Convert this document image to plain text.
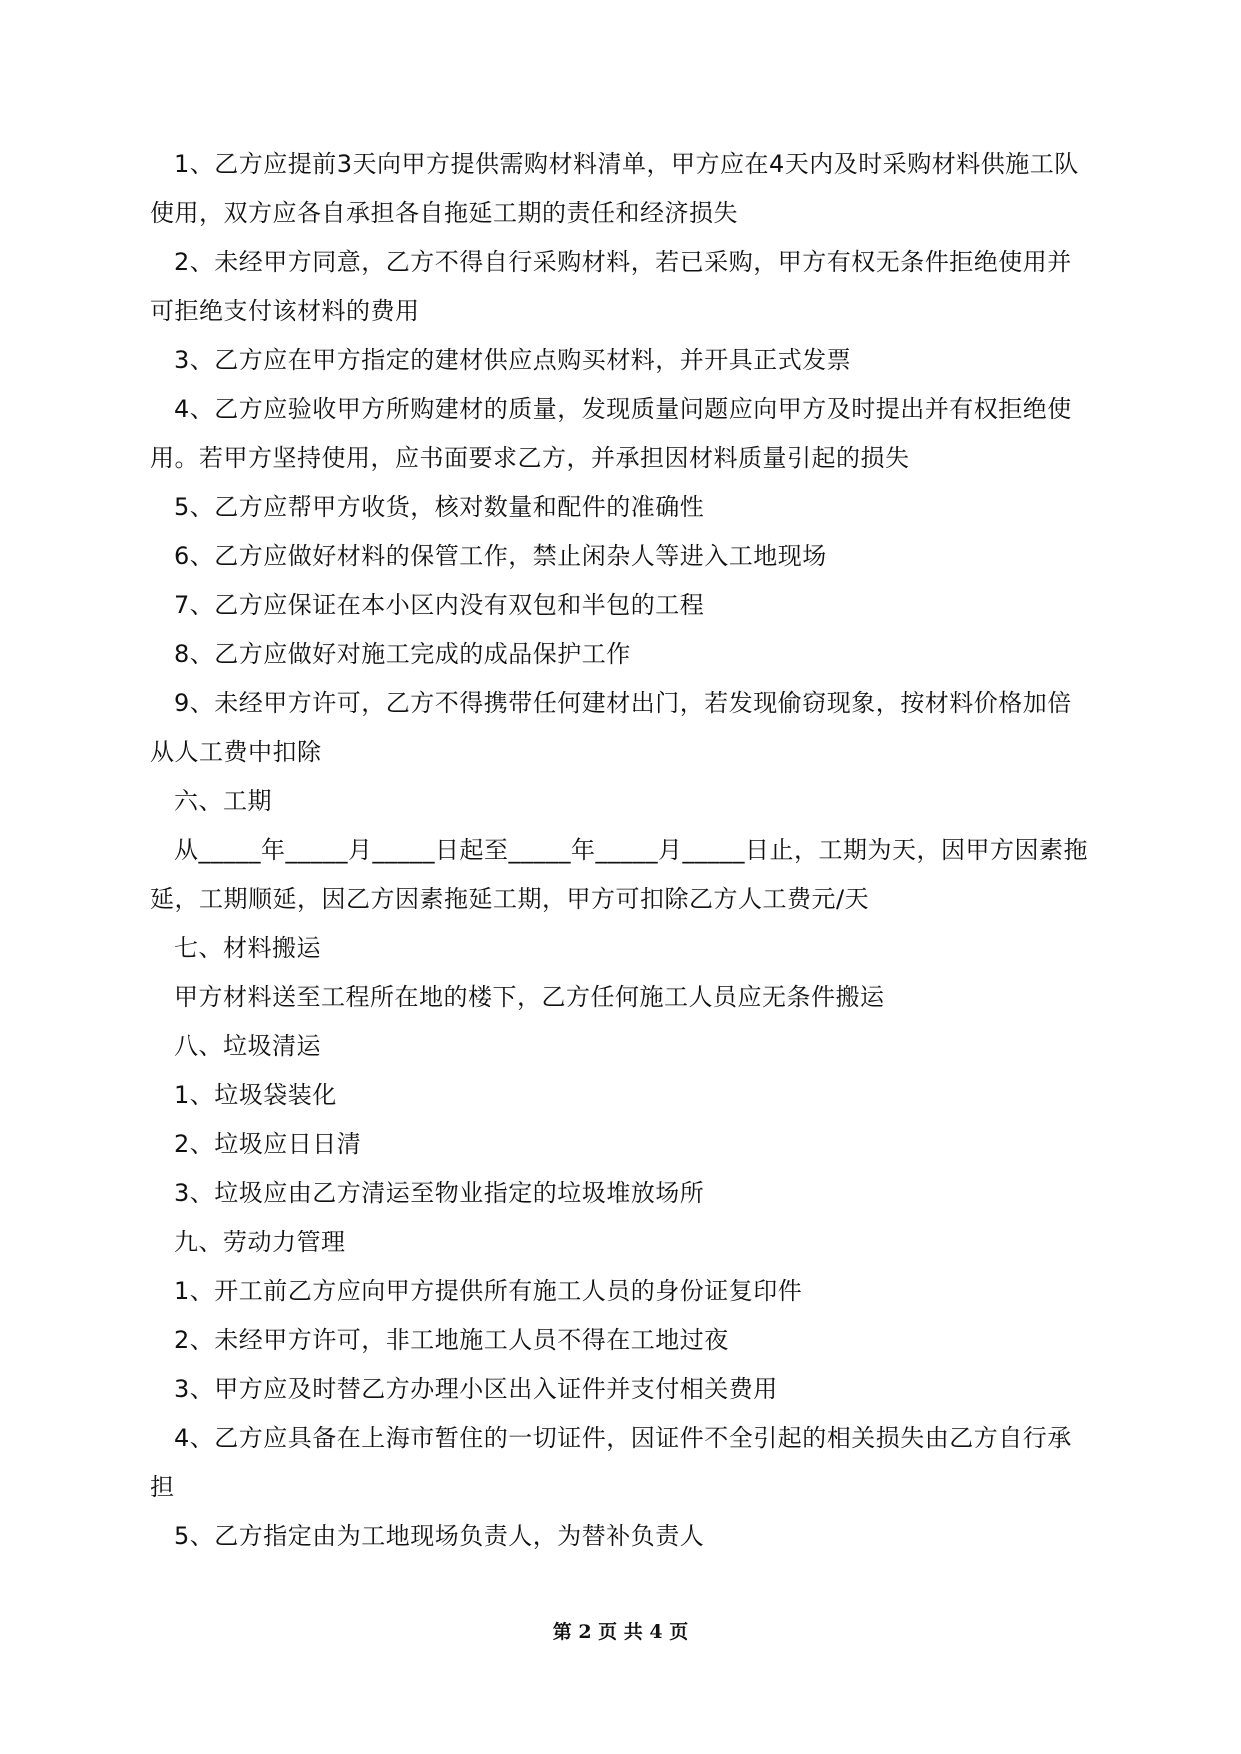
1、乙方应提前3天向甲方提供需购材料清单，甲方应在4天内及时采购材料供施工队使用，双方应各自承担各自拖延工期的责任和经济损失

2、未经甲方同意，乙方不得自行采购材料，若已采购，甲方有权无条件拒绝使用并可拒绝支付该材料的费用

3、乙方应在甲方指定的建材供应点购买材料，并开具正式发票

4、乙方应验收甲方所购建材的质量，发现质量问题应向甲方及时提出并有权拒绝使用。若甲方坚持使用，应书面要求乙方，并承担因材料质量引起的损失

5、乙方应帮甲方收货，核对数量和配件的准确性

6、乙方应做好材料的保管工作，禁止闲杂人等进入工地现场

7、乙方应保证在本小区内没有双包和半包的工程

8、乙方应做好对施工完成的成品保护工作

9、未经甲方许可，乙方不得携带任何建材出门，若发现偷窃现象，按材料价格加倍从人工费中扣除

六、工期

从_____年_____月_____日起至_____年_____月_____日止，工期为天，因甲方因素拖延，工期顺延，因乙方因素拖延工期，甲方可扣除乙方人工费元/天

七、材料搬运

甲方材料送至工程所在地的楼下，乙方任何施工人员应无条件搬运

八、垃圾清运

1、垃圾袋装化

2、垃圾应日日清

3、垃圾应由乙方清运至物业指定的垃圾堆放场所

九、劳动力管理

1、开工前乙方应向甲方提供所有施工人员的身份证复印件

2、未经甲方许可，非工地施工人员不得在工地过夜

3、甲方应及时替乙方办理小区出入证件并支付相关费用

4、乙方应具备在上海市暂住的一切证件，因证件不全引起的相关损失由乙方自行承担

5、乙方指定由为工地现场负责人，为替补负责人

第 2 页 共 4 页
